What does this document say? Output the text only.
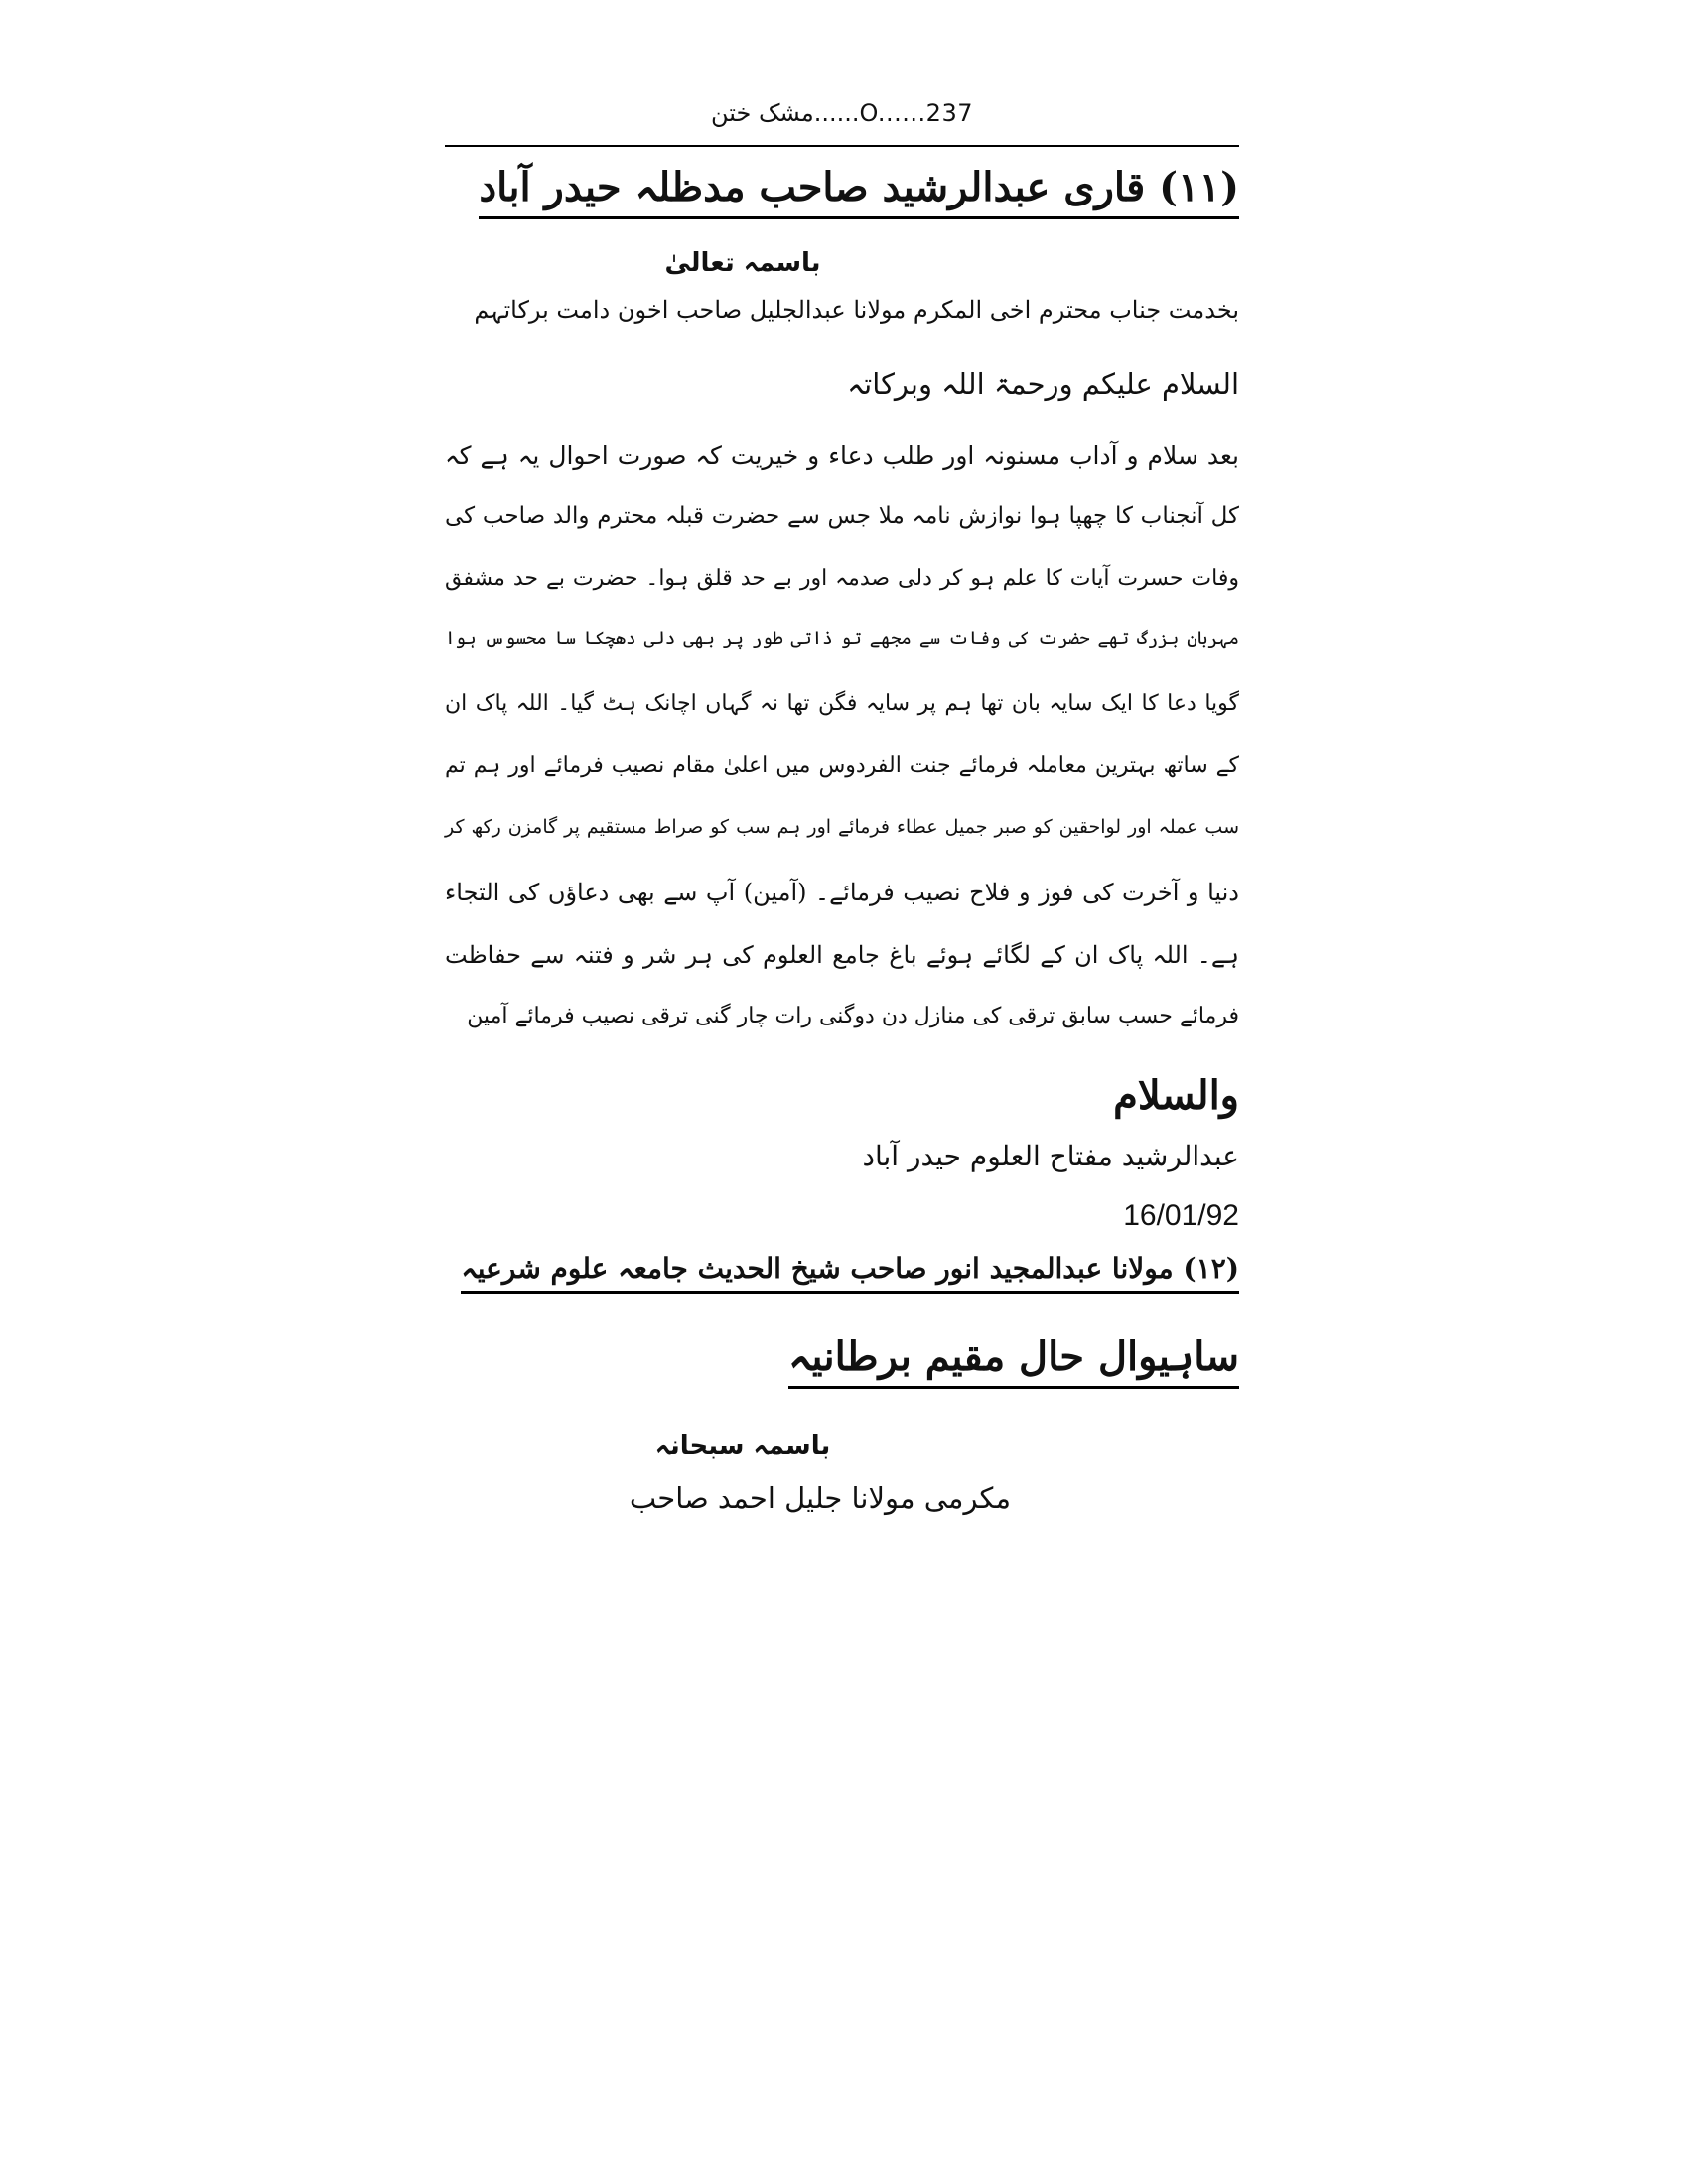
مشک ختن......O......237
(۱۱) قاری عبدالرشید صاحب مدظلہ حیدر آباد
باسمہ تعالیٰ
بخدمت جناب محترم اخی المکرم مولانا عبدالجلیل صاحب اخون دامت برکاتہم
السلام علیکم ورحمۃ اللہ وبرکاتہ
بعد سلام و آداب مسنونہ اور طلب دعاء و خیریت کہ صورت احوال یہ ہے کہ
کل آنجناب کا چھپا ہوا نوازش نامہ ملا جس سے حضرت قبلہ محترم والد صاحب کی
وفات حسرت آیات کا علم ہو کر دلی صدمہ اور بے حد قلق ہوا۔ حضرت بے حد مشفق
مہربان بزرگ تھے حضرت کی وفات سے مجھے تو ذاتی طور پر بھی دلی دھچکا سا محسوس ہوا
گویا دعا کا ایک سایہ بان تھا ہم پر سایہ فگن تھا نہ گہاں اچانک ہٹ گیا۔ اللہ پاک ان
کے ساتھ بہترین معاملہ فرمائے جنت الفردوس میں اعلیٰ مقام نصیب فرمائے اور ہم تم
سب عملہ اور لواحقین کو صبر جمیل عطاء فرمائے اور ہم سب کو صراط مستقیم پر گامزن رکھ کر
دنیا و آخرت کی فوز و فلاح نصیب فرمائے۔ (آمین) آپ سے بھی دعاؤں کی التجاء
ہے۔ اللہ پاک ان کے لگائے ہوئے باغ جامع العلوم کی ہر شر و فتنہ سے حفاظت
فرمائے حسب سابق ترقی کی منازل دن دوگنی رات چار گنی ترقی نصیب فرمائے آمین
والسلام
عبدالرشید مفتاح العلوم حیدر آباد
16/01/92
(۱۲) مولانا عبدالمجید انور صاحب شیخ الحدیث جامعہ علوم شرعیہ
ساہیوال حال مقیم برطانیہ
باسمہ سبحانہ
مکرمی مولانا جلیل احمد صاحب
